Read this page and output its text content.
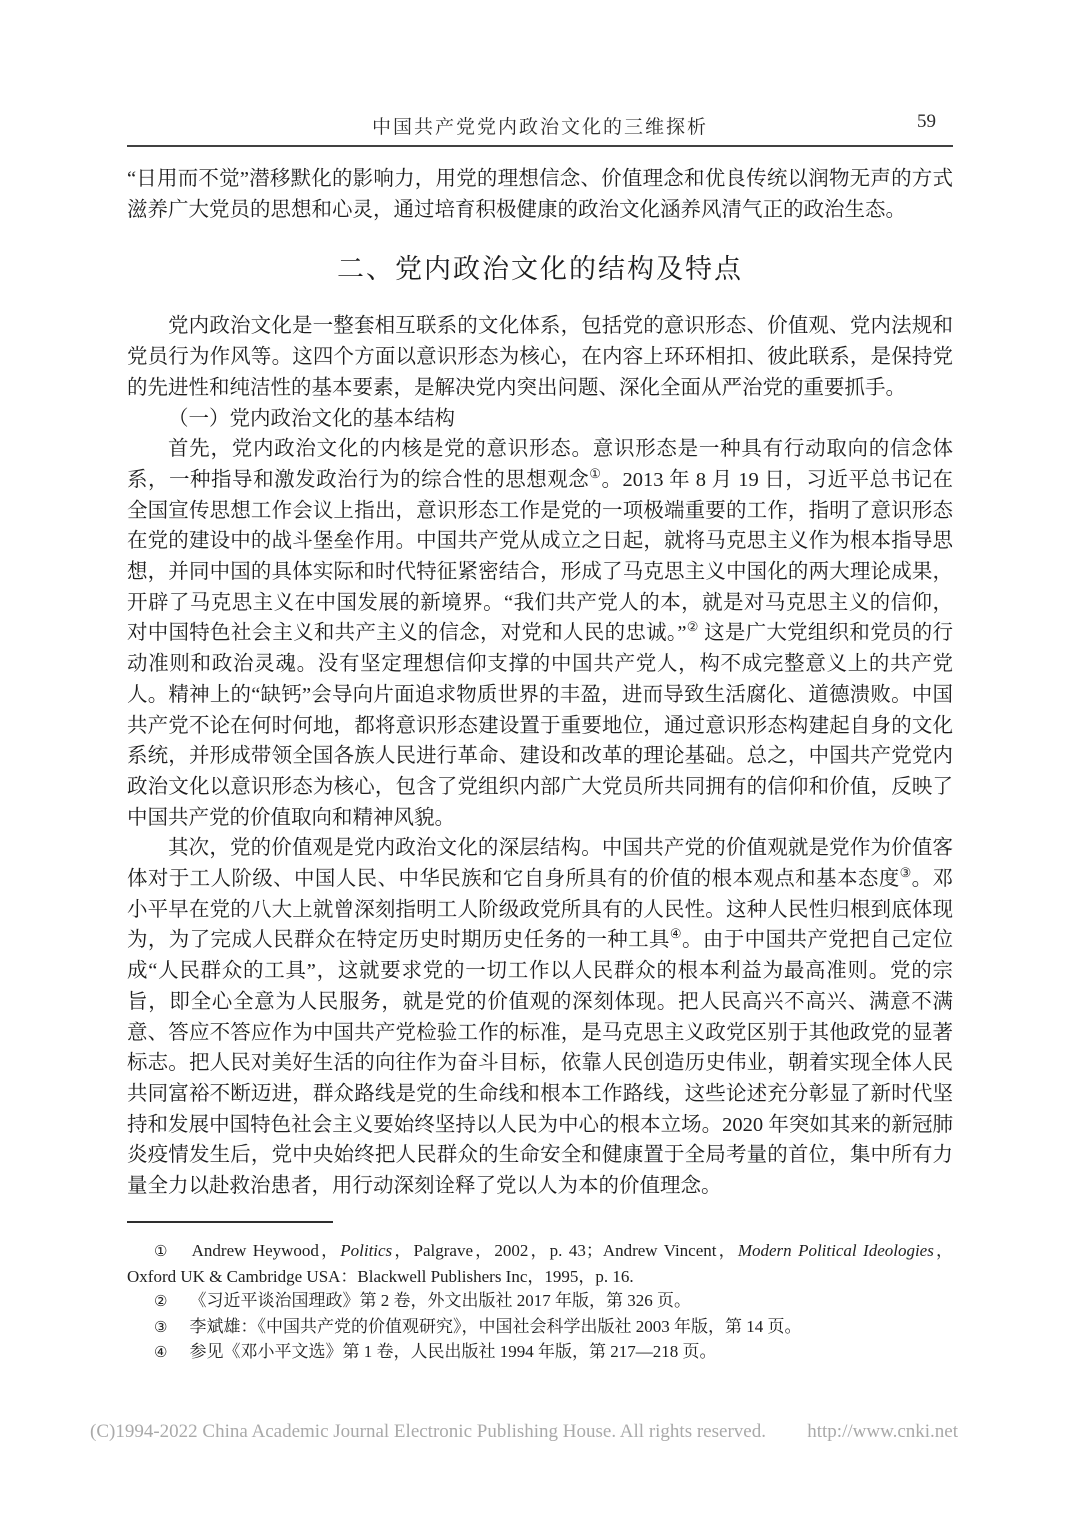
中国共产党党内政治文化的三维探析	59

“日用而不觉”潜移默化的影响力，用党的理想信念、价值理念和优良传统以润物无声的方式滋养广大党员的思想和心灵，通过培育积极健康的政治文化涵养风清气正的政治生态。

二、党内政治文化的结构及特点

党内政治文化是一整套相互联系的文化体系，包括党的意识形态、价值观、党内法规和党员行为作风等。这四个方面以意识形态为核心，在内容上环环相扣、彼此联系，是保持党的先进性和纯洁性的基本要素，是解决党内突出问题、深化全面从严治党的重要抓手。

（一）党内政治文化的基本结构

首先，党内政治文化的内核是党的意识形态。意识形态是一种具有行动取向的信念体系，一种指导和激发政治行为的综合性的思想观念①。2013 年 8 月 19 日，习近平总书记在全国宣传思想工作会议上指出，意识形态工作是党的一项极端重要的工作，指明了意识形态在党的建设中的战斗堡垒作用。中国共产党从成立之日起，就将马克思主义作为根本指导思想，并同中国的具体实际和时代特征紧密结合，形成了马克思主义中国化的两大理论成果，开辟了马克思主义在中国发展的新境界。“我们共产党人的本，就是对马克思主义的信仰，对中国特色社会主义和共产主义的信念，对党和人民的忠诚。”② 这是广大党组织和党员的行动准则和政治灵魂。没有坚定理想信仰支撑的中国共产党人，构不成完整意义上的共产党人。精神上的“缺钙”会导向片面追求物质世界的丰盈，进而导致生活腐化、道德溃败。中国共产党不论在何时何地，都将意识形态建设置于重要地位，通过意识形态构建起自身的文化系统，并形成带领全国各族人民进行革命、建设和改革的理论基础。总之，中国共产党党内政治文化以意识形态为核心，包含了党组织内部广大党员所共同拥有的信仰和价值，反映了中国共产党的价值取向和精神风貌。

其次，党的价值观是党内政治文化的深层结构。中国共产党的价值观就是党作为价值客体对于工人阶级、中国人民、中华民族和它自身所具有的价值的根本观点和基本态度③。邓小平早在党的八大上就曾深刻指明工人阶级政党所具有的人民性。这种人民性归根到底体现为，为了完成人民群众在特定历史时期历史任务的一种工具④。由于中国共产党把自己定位成“人民群众的工具”，这就要求党的一切工作以人民群众的根本利益为最高准则。党的宗旨，即全心全意为人民服务，就是党的价值观的深刻体现。把人民高兴不高兴、满意不满意、答应不答应作为中国共产党检验工作的标准，是马克思主义政党区别于其他政党的显著标志。把人民对美好生活的向往作为奋斗目标，依靠人民创造历史伟业，朝着实现全体人民共同富裕不断迈进，群众路线是党的生命线和根本工作路线，这些论述充分彰显了新时代坚持和发展中国特色社会主义要始终坚持以人民为中心的根本立场。2020 年突如其来的新冠肺炎疫情发生后，党中央始终把人民群众的生命安全和健康置于全局考量的首位，集中所有力量全力以赴救治患者，用行动深刻诠释了党以人为本的价值理念。

① Andrew Heywood，Politics，Palgrave，2002，p. 43；Andrew Vincent，Modern Political Ideologies，Oxford UK & Cambridge USA：Blackwell Publishers Inc，1995，p. 16.

② 《习近平谈治国理政》第 2 卷，外文出版社 2017 年版，第 326 页。

③ 李斌雄：《中国共产党的价值观研究》，中国社会科学出版社 2003 年版，第 14 页。

④ 参见《邓小平文选》第 1 卷，人民出版社 1994 年版，第 217—218 页。

(C)1994-2022 China Academic Journal Electronic Publishing House. All rights reserved. http://www.cnki.net
